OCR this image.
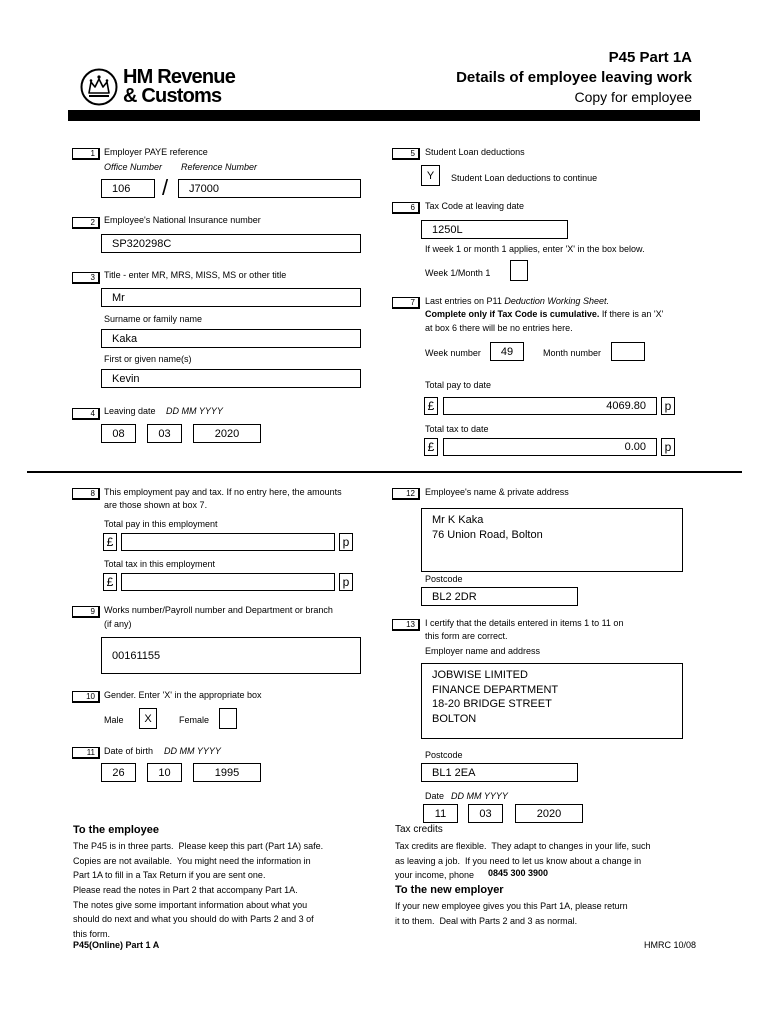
HM Revenue
& Customs
P45 Part 1A
Details of employee leaving work
Copy for employee
1	Employer PAYE reference
Office Number Reference Number
106	/	J7000
2	Employee's National Insurance number
SP320298C
3	Title - enter MR, MRS, MISS, MS or other title
Mr
Surname or family name
Kaka
First or given name(s)
Kevin
4	Leaving date DD MM YYYY
08	03	2020
5	Student Loan deductions
Y	Student Loan deductions to continue
6	Tax Code at leaving date
1250L
If week 1 or month 1 applies, enter 'X' in the box below.
Week 1/Month 1
7	Last entries on P11 Deduction Working Sheet.
Complete only if Tax Code is cumulative. If there is an 'X'
at box 6 there will be no entries here.
Week number	49	Month number
Total pay to date
£	4069.80	p
Total tax to date
£	0.00	p
8	This employment pay and tax. If no entry here, the amounts
are those shown at box 7.
Total pay in this employment
£	p
Total tax in this employment
£	p
9	Works number/Payroll number and Department or branch
(if any)
00161155
10	Gender. Enter 'X' in the appropriate box
Male	X	Female
11	Date of birth DD MM YYYY
26	10	1995
12	Employee's name & private address
Mr K Kaka
76 Union Road, Bolton
Postcode
BL2 2DR
13	I certify that the details entered in items 1 to 11 on
this form are correct.
Employer name and address
JOBWISE LIMITED
FINANCE DEPARTMENT
18-20 BRIDGE STREET
BOLTON
Postcode
BL1 2EA
Date DD MM YYYY
11	03	2020
To the employee
The P45 is in three parts.  Please keep this part (Part 1A) safe.
Copies are not available.  You might need the information in
Part 1A to fill in a Tax Return if you are sent one.
Please read the notes in Part 2 that accompany Part 1A.
The notes give some important information about what you
should do next and what you should do with Parts 2 and 3 of
this form.
Tax credits
Tax credits are flexible.  They adapt to changes in your life, such
as leaving a job.  If you need to let us know about a change in
your income, phone	0845 300 3900
To the new employer
If your new employee gives you this Part 1A, please return
it to them.  Deal with Parts 2 and 3 as normal.
P45(Online) Part 1 A	HMRC 10/08
